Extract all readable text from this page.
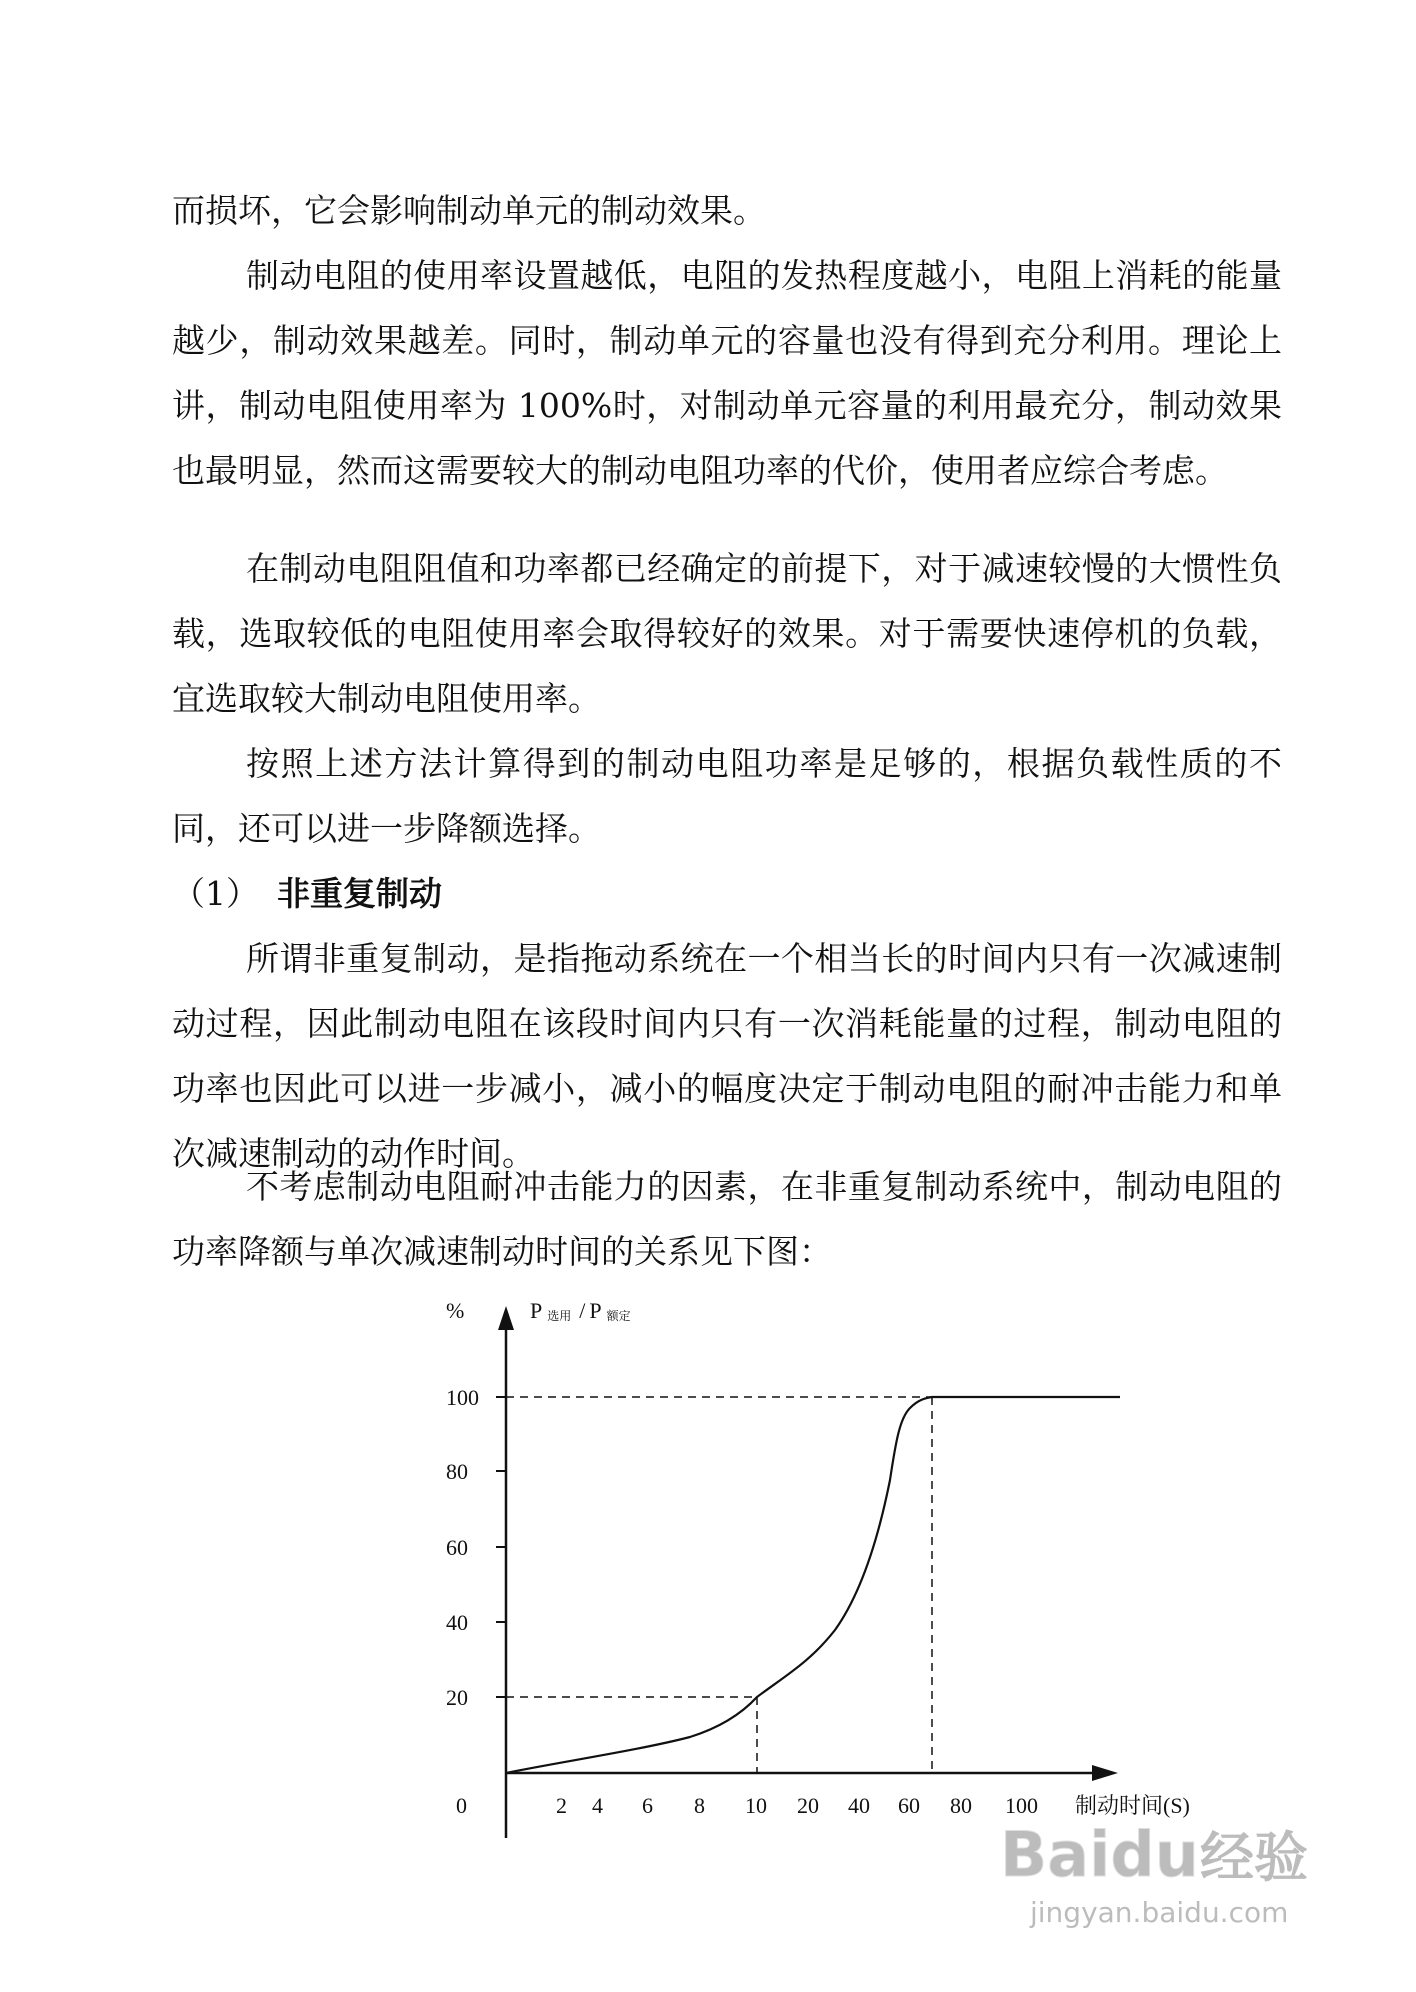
而损坏，它会影响制动单元的制动效果。

制动电阻的使用率设置越低，电阻的发热程度越小，电阻上消耗的能量越少，制动效果越差。同时，制动单元的容量也没有得到充分利用。理论上讲，制动电阻使用率为 100%时，对制动单元容量的利用最充分，制动效果也最明显，然而这需要较大的制动电阻功率的代价，使用者应综合考虑。

在制动电阻阻值和功率都已经确定的前提下，对于减速较慢的大惯性负载，选取较低的电阻使用率会取得较好的效果。对于需要快速停机的负载，宜选取较大制动电阻使用率。

按照上述方法计算得到的制动电阻功率是足够的，根据负载性质的不同，还可以进一步降额选择。

（1） 非重复制动

所谓非重复制动，是指拖动系统在一个相当长的时间内只有一次减速制动过程，因此制动电阻在该段时间内只有一次消耗能量的过程，制动电阻的功率也因此可以进一步减小，减小的幅度决定于制动电阻的耐冲击能力和单次减速制动的动作时间。

不考虑制动电阻耐冲击能力的因素，在非重复制动系统中，制动电阻的功率降额与单次减速制动时间的关系见下图：

%	P选用 / P 额定
20
40
60
80
100
0	2 4 6 8 10 20 40 60 80 100 制动时间(S)
Baidu 经验
jingyan.baidu.com
